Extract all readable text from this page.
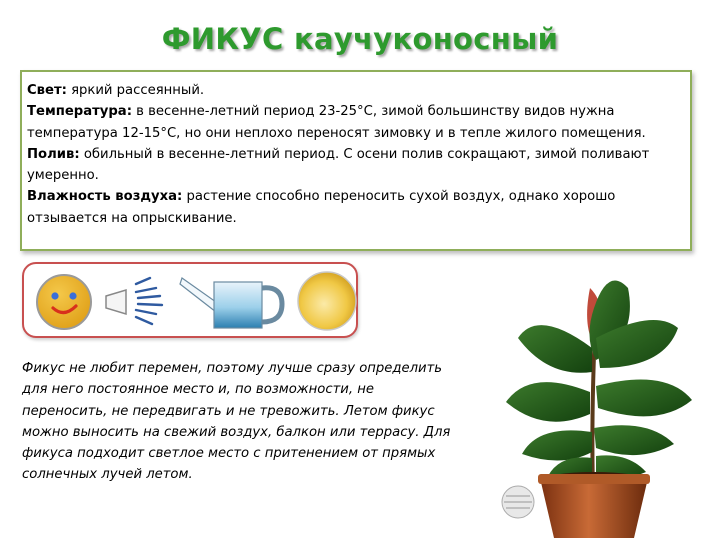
ФИКУС каучуконосный

Свет: яркий рассеянный.

Температура: в весенне-летний период 23-25°С, зимой большинству видов нужна температура 12-15°С, но они неплохо переносят зимовку и в тепле жилого помещения.

Полив: обильный в весенне-летний период. С осени полив сокращают, зимой поливают умеренно.

Влажность воздуха: растение способно переносить сухой воздух, однако хорошо отзывается на опрыскивание.

Фикус не любит перемен, поэтому лучше сразу определить для него постоянное место и, по возможности, не переносить, не передвигать и не тревожить. Летом фикус можно выносить на свежий воздух, балкон или террасу. Для фикуса подходит светлое место с притенением от прямых солнечных лучей летом.
